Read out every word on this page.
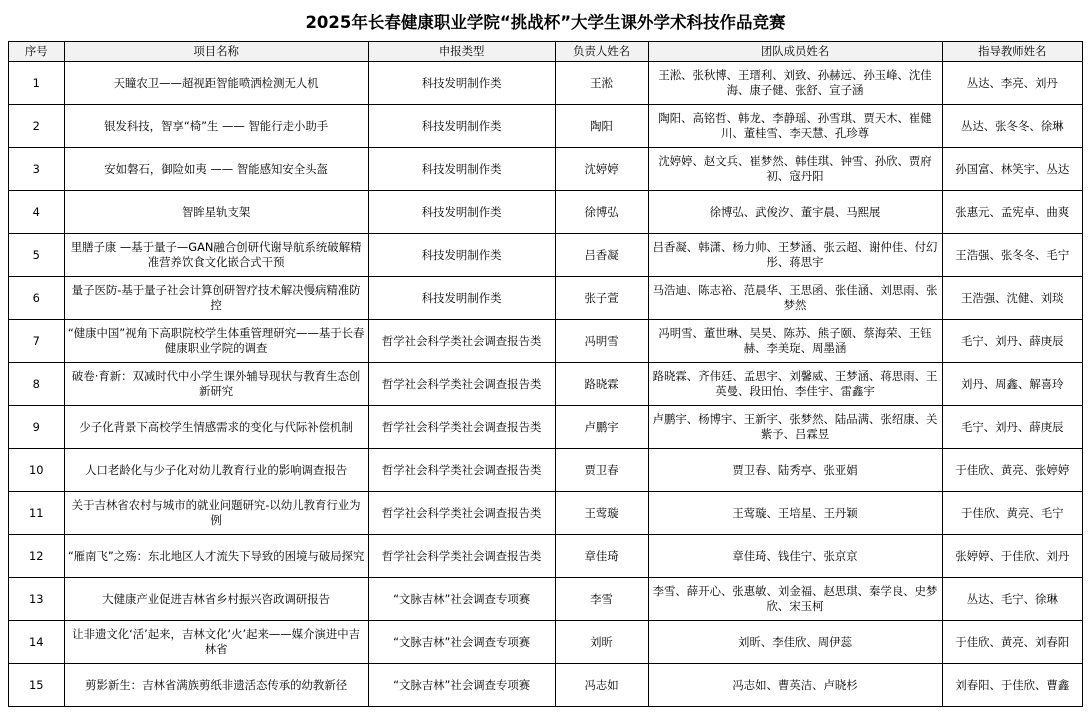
2025年长春健康职业学院“挑战杯”大学生课外学术科技作品竞赛
序号	项目名称	申报类型	负责人姓名	团队成员姓名	指导教师姓名
1	天瞳农卫——超视距智能喷洒检测无人机	科技发明制作类	王淞	王淞、张秋博、王瑨利、刘致、孙赫远、孙玉峰、沈佳海、康子健、张舒、宣子涵	丛达、李亮、刘丹
2	银发科技，智享“椅”生 —— 智能行走小助手	科技发明制作类	陶阳	陶阳、高铭哲、韩龙、李静瑶、孙雪琪、贾天木、崔健川、董桂雪、李天慧、孔珍尊	丛达、张冬冬、徐琳
3	安如磐石，御险如夷 —— 智能感知安全头盔	科技发明制作类	沈婷婷	沈婷婷、赵文兵、崔梦然、韩佳琪、钟雪、孙欣、贾府初、寇丹阳	孙国富、林笑宇、丛达
4	智眸星轨支架	科技发明制作类	徐博弘	徐博弘、武俊汐、董宇晨、马熙展	张惠元、孟宪卓、曲爽
5	里膳子康 —基于量子—GAN融合创研代谢导航系统破解精准营养饮食文化嵌合式干预	科技发明制作类	吕香凝	吕香凝、韩潇、杨力帅、王梦涵、张云超、谢仲佳、付幻彤、蒋思宇	王浩强、张冬冬、毛宁
6	量子医防-基于量子社会计算创研智疗技术解决慢病精准防控	科技发明制作类	张子萱	马浩迪、陈志裕、范晨华、王思函、张佳涵、刘思雨、张梦然	王浩强、沈健、刘琰
7	“健康中国”视角下高职院校学生体重管理研究——基于长春健康职业学院的调查	哲学社会科学类社会调查报告类	冯明雪	冯明雪、董世琳、吴昊、陈苏、熊子颐、蔡海荣、王钰赫、李美琁、周墨涵	毛宁、刘丹、薛庚辰
8	破卷·育新：双减时代中小学生课外辅导现状与教育生态创新研究	哲学社会科学类社会调查报告类	路晓霖	路晓霖、齐伟廷、孟思宇、刘馨威、王梦涵、蒋思雨、王英曼、段田怡、李佳宇、雷鑫宇	刘丹、周鑫、解喜玲
9	少子化背景下高校学生情感需求的变化与代际补偿机制	哲学社会科学类社会调查报告类	卢鹏宇	卢鹏宇、杨博宇、王新宇、张梦然、陆品满、张绍康、关紫予、吕霖昱	毛宁、刘丹、薛庚辰
10	人口老龄化与少子化对幼儿教育行业的影响调查报告	哲学社会科学类社会调查报告类	贾卫春	贾卫春、陆秀亭、张亚娟	于佳欣、黄亮、张婷婷
11	关于吉林省农村与城市的就业问题研究-以幼儿教育行业为例	哲学社会科学类社会调查报告类	王莺璇	王莺璇、王培星、王丹颖	于佳欣、黄亮、毛宁
12	“雁南飞”之殇：东北地区人才流失下导致的困境与破局探究	哲学社会科学类社会调查报告类	章佳琦	章佳琦、钱佳宁、张京京	张婷婷、于佳欣、刘丹
13	大健康产业促进吉林省乡村振兴咨政调研报告	“文脉吉林”社会调查专项赛	李雪	李雪、薛开心、张惠敏、刘金福、赵思琪、秦学良、史梦欣、宋玉柯	丛达、毛宁、徐琳
14	让非遗文化‘活’起来，吉林文化‘火’起来——媒介演进中吉林省	“文脉吉林”社会调查专项赛	刘昕	刘昕、李佳欣、周伊蕊	于佳欣、黄亮、刘春阳
15	剪影新生：吉林省满族剪纸非遗活态传承的幼教新径	“文脉吉林”社会调查专项赛	冯志如	冯志如、曹英洁、卢晓杉	刘春阳、于佳欣、曹鑫
